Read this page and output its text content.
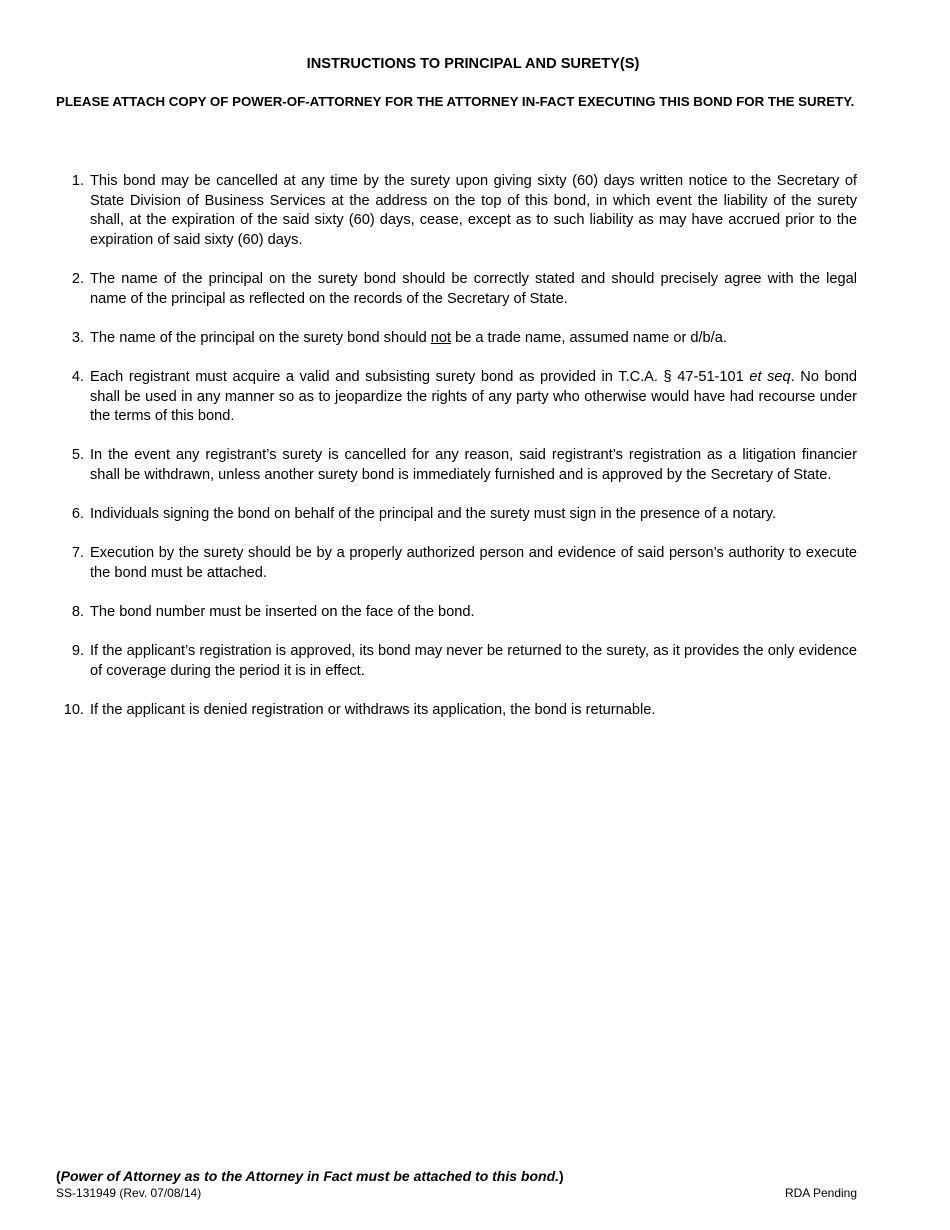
INSTRUCTIONS TO PRINCIPAL AND SURETY(S)
PLEASE ATTACH COPY OF POWER-OF-ATTORNEY FOR THE ATTORNEY IN-FACT EXECUTING THIS BOND FOR THE SURETY.
1. This bond may be cancelled at any time by the surety upon giving sixty (60) days written notice to the Secretary of State Division of Business Services at the address on the top of this bond, in which event the liability of the surety shall, at the expiration of the said sixty (60) days, cease, except as to such liability as may have accrued prior to the expiration of said sixty (60) days.
2. The name of the principal on the surety bond should be correctly stated and should precisely agree with the legal name of the principal as reflected on the records of the Secretary of State.
3. The name of the principal on the surety bond should not be a trade name, assumed name or d/b/a.
4. Each registrant must acquire a valid and subsisting surety bond as provided in T.C.A. § 47-51-101 et seq. No bond shall be used in any manner so as to jeopardize the rights of any party who otherwise would have had recourse under the terms of this bond.
5. In the event any registrant’s surety is cancelled for any reason, said registrant’s registration as a litigation financier shall be withdrawn, unless another surety bond is immediately furnished and is approved by the Secretary of State.
6. Individuals signing the bond on behalf of the principal and the surety must sign in the presence of a notary.
7. Execution by the surety should be by a properly authorized person and evidence of said person’s authority to execute the bond must be attached.
8. The bond number must be inserted on the face of the bond.
9. If the applicant’s registration is approved, its bond may never be returned to the surety, as it provides the only evidence of coverage during the period it is in effect.
10. If the applicant is denied registration or withdraws its application, the bond is returnable.
(Power of Attorney as to the Attorney in Fact must be attached to this bond.)
SS-131949 (Rev. 07/08/14)	RDA Pending
